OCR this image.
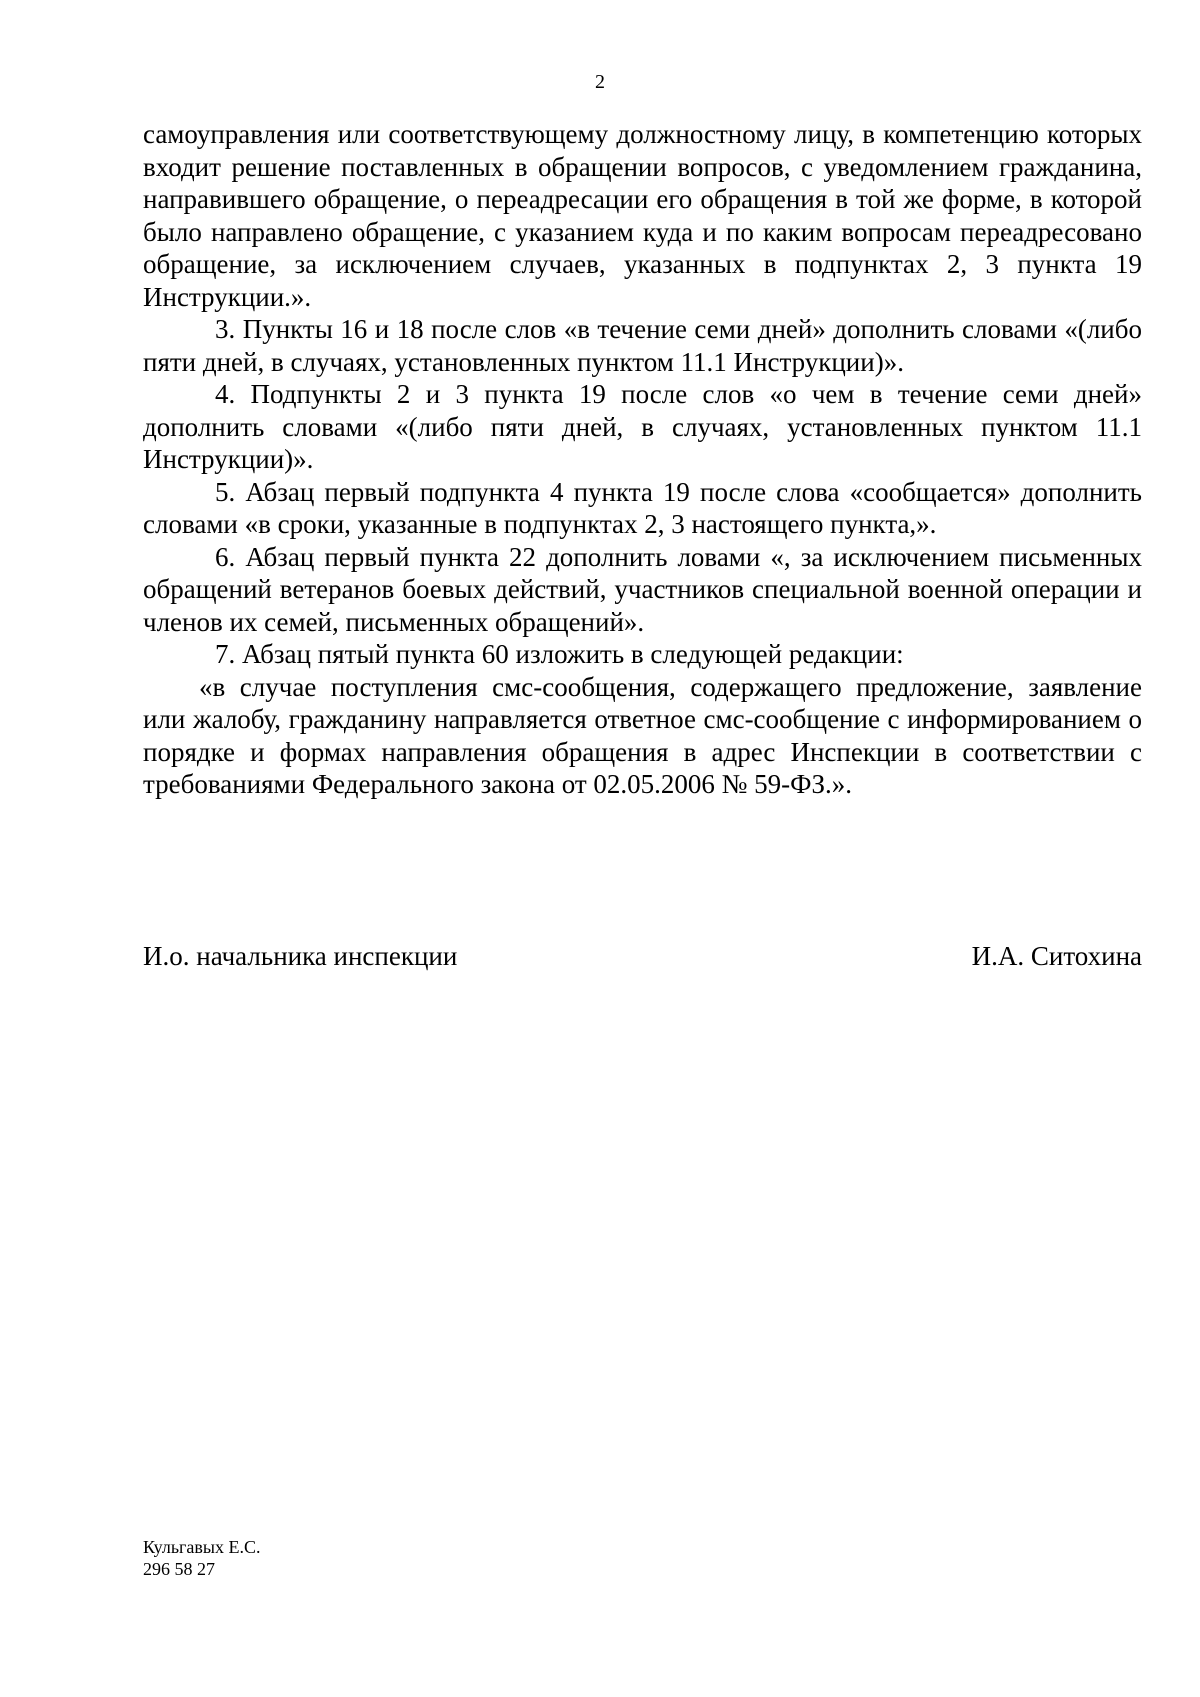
2

самоуправления или соответствующему должностному лицу, в компетенцию которых входит решение поставленных в обращении вопросов, с уведомлением гражданина, направившего обращение, о переадресации его обращения в той же форме, в которой было направлено обращение, с указанием куда и по каким вопросам переадресовано обращение, за исключением случаев, указанных в подпунктах 2, 3 пункта 19 Инструкции.».

3. Пункты 16 и 18 после слов «в течение семи дней» дополнить словами «(либо пяти дней, в случаях, установленных пунктом 11.1 Инструкции)».

4. Подпункты 2 и 3 пункта 19 после слов «о чем в течение семи дней» дополнить словами «(либо пяти дней, в случаях, установленных пунктом 11.1 Инструкции)».

5. Абзац первый подпункта 4 пункта 19 после слова «сообщается» дополнить словами «в сроки, указанные в подпунктах 2, 3 настоящего пункта,».

6. Абзац первый пункта 22 дополнить ловами «, за исключением письменных обращений ветеранов боевых действий, участников специальной военной операции и членов их семей, письменных обращений».

7. Абзац пятый пункта 60 изложить в следующей редакции:

«в случае поступления смс-сообщения, содержащего предложение, заявление или жалобу, гражданину направляется ответное смс-сообщение с информированием о порядке и формах направления обращения в адрес Инспекции в соответствии с требованиями Федерального закона от 02.05.2006 № 59-ФЗ.».

И.о. начальника инспекции	И.А. Ситохина
Кульгавых Е.С.
296 58 27
